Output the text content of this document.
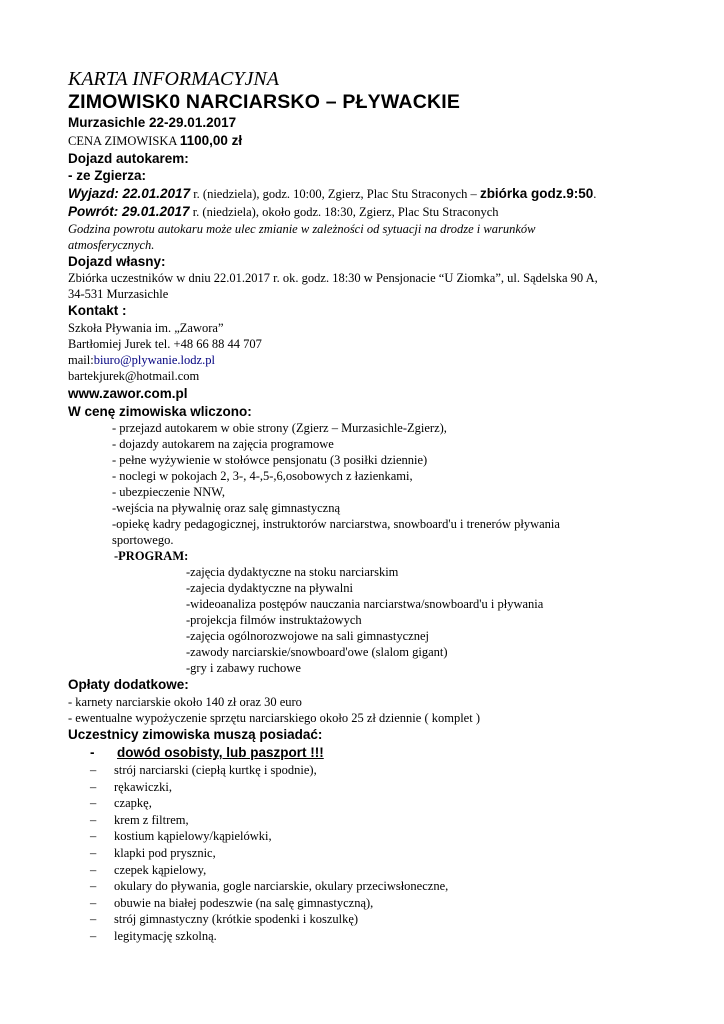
KARTA INFORMACYJNA
ZIMOWISK0 NARCIARSKO – PŁYWACKIE
Murzasichle 22-29.01.2017
CENA ZIMOWISKA 1100,00 zł
Dojazd autokarem:
- ze Zgierza:
Wyjazd: 22.01.2017 r. (niedziela), godz. 10:00, Zgierz, Plac Stu Straconych – zbiórka godz.9:50.
Powrót: 29.01.2017 r. (niedziela), około godz. 18:30, Zgierz, Plac Stu Straconych
Godzina powrotu autokaru może ulec zmianie w zależności od sytuacji na drodze i warunków
atmosferycznych.
Dojazd własny:
Zbiórka uczestników w dniu 22.01.2017 r. ok. godz. 18:30 w Pensjonacie “U Ziomka”, ul. Sądelska 90 A,
34-531 Murzasichle
Kontakt :
Szkoła Pływania im. „Zawora”
Bartłomiej Jurek tel. +48 66 88 44 707
mail:biuro@plywanie.lodz.pl
bartekjurek@hotmail.com
www.zawor.com.pl
W cenę zimowiska wliczono:
- przejazd autokarem w obie strony (Zgierz – Murzasichle-Zgierz),
- dojazdy autokarem na zajęcia programowe
- pełne wyżywienie w stołówce pensjonatu (3 posiłki dziennie)
- noclegi w pokojach 2, 3-, 4-,5-,6,osobowych z łazienkami,
- ubezpieczenie NNW,
-wejścia na pływalnię oraz salę gimnastyczną
-opiekę kadry pedagogicznej, instruktorów narciarstwa, snowboard'u i trenerów pływania
sportowego.
-PROGRAM:
-zajęcia dydaktyczne na stoku narciarskim
-zajecia dydaktyczne na pływalni
-wideoanaliza postępów nauczania narciarstwa/snowboard'u i pływania
-projekcja filmów instruktażowych
-zajęcia ogólnorozwojowe na sali gimnastycznej
-zawody narciarskie/snowboard'owe (slalom gigant)
-gry i zabawy ruchowe
Opłaty dodatkowe:
- karnety narciarskie około 140 zł oraz 30 euro
- ewentualne wypożyczenie sprzętu narciarskiego około 25 zł dziennie ( komplet )
Uczestnicy zimowiska muszą posiadać:
- dowód osobisty, lub paszport !!!
–	strój narciarski (ciepłą kurtkę i spodnie),
–	rękawiczki,
–	czapkę,
–	krem z filtrem,
–	kostium kąpielowy/kąpielówki,
–	klapki pod prysznic,
–	czepek kąpielowy,
–	okulary do pływania, gogle narciarskie, okulary przeciwsłoneczne,
–	obuwie na białej podeszwie (na salę gimnastyczną),
–	strój gimnastyczny (krótkie spodenki i koszulkę)
–	legitymację szkolną.
